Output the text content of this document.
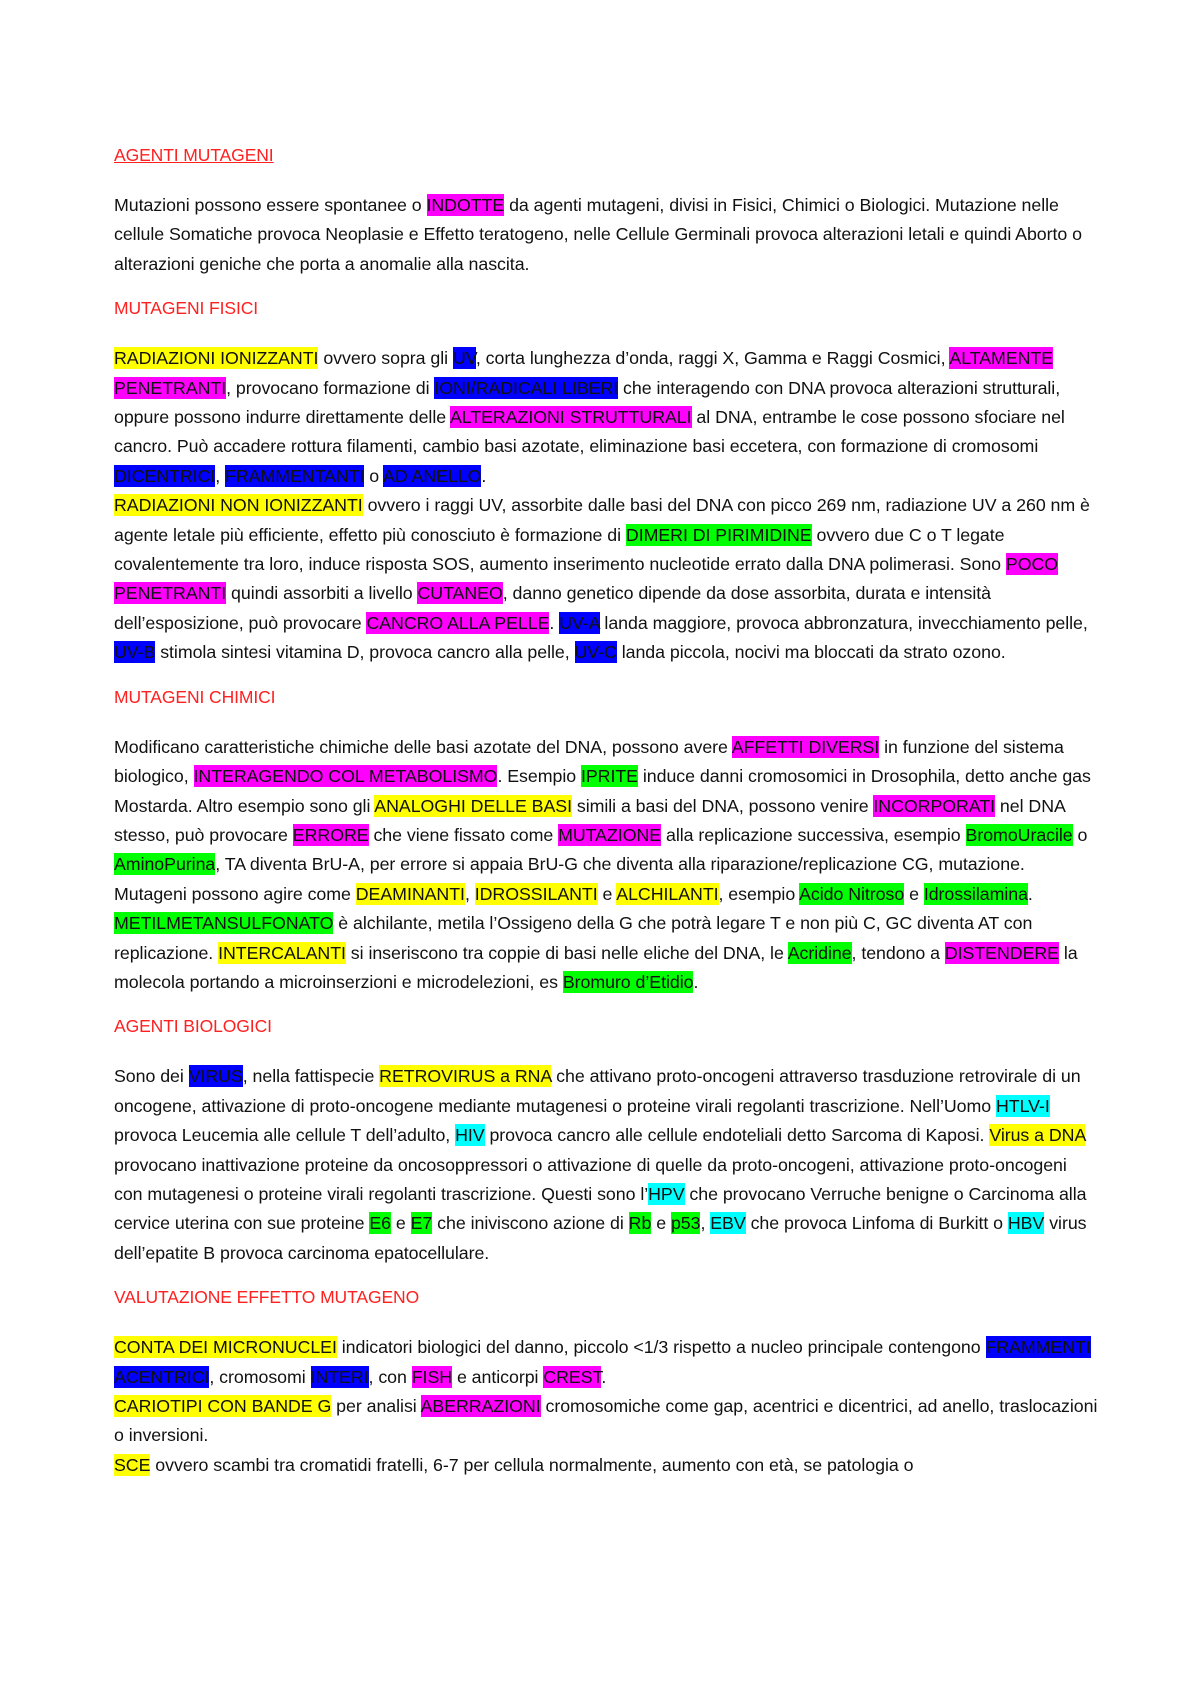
AGENTI MUTAGENI
Mutazioni possono essere spontanee o INDOTTE da agenti mutageni, divisi in Fisici, Chimici o Biologici. Mutazione nelle cellule Somatiche provoca Neoplasie e Effetto teratogeno, nelle Cellule Germinali provoca alterazioni letali e quindi Aborto o alterazioni geniche che porta a anomalie alla nascita.
MUTAGENI FISICI
RADIAZIONI IONIZZANTI ovvero sopra gli UV, corta lunghezza d’onda, raggi X, Gamma e Raggi Cosmici, ALTAMENTE PENETRANTI, provocano formazione di IONI/RADICALI LIBERI che interagendo con DNA provoca alterazioni strutturali, oppure possono indurre direttamente delle ALTERAZIONI STRUTTURALI al DNA, entrambe le cose possono sfociare nel cancro. Può accadere rottura filamenti, cambio basi azotate, eliminazione basi eccetera, con formazione di cromosomi DICENTRICI, FRAMMENTANTI o AD ANELLO.
RADIAZIONI NON IONIZZANTI ovvero i raggi UV, assorbite dalle basi del DNA con picco 269 nm, radiazione UV a 260 nm è agente letale più efficiente, effetto più conosciuto è formazione di DIMERI DI PIRIMIDINE ovvero due C o T legate covalentemente tra loro, induce risposta SOS, aumento inserimento nucleotide errato dalla DNA polimerasi. Sono POCO PENETRANTI quindi assorbiti a livello CUTANEO, danno genetico dipende da dose assorbita, durata e intensità dell’esposizione, può provocare CANCRO ALLA PELLE. UV-A landa maggiore, provoca abbronzatura, invecchiamento pelle, UV-B stimola sintesi vitamina D, provoca cancro alla pelle, UV-C landa piccola, nocivi ma bloccati da strato ozono.
MUTAGENI CHIMICI
Modificano caratteristiche chimiche delle basi azotate del DNA, possono avere AFFETTI DIVERSI in funzione del sistema biologico, INTERAGENDO COL METABOLISMO. Esempio IPRITE induce danni cromosomici in Drosophila, detto anche gas Mostarda. Altro esempio sono gli ANALOGHI DELLE BASI simili a basi del DNA, possono venire INCORPORATI nel DNA stesso, può provocare ERRORE che viene fissato come MUTAZIONE alla replicazione successiva, esempio BromoUracile o AminoPurina, TA diventa BrU-A, per errore si appaia BrU-G che diventa alla riparazione/replicazione CG, mutazione. Mutageni possono agire come DEAMINANTI, IDROSSILANTI e ALCHILANTI, esempio Acido Nitroso e Idrossilamina.
METILMETANSULFONATO è alchilante, metila l’Ossigeno della G che potrà legare T e non più C, GC diventa AT con replicazione. INTERCALANTI si inseriscono tra coppie di basi nelle eliche del DNA, le Acridine, tendono a DISTENDERE la molecola portando a microinserzioni e microdelezioni, es Bromuro d’Etidio.
AGENTI BIOLOGICI
Sono dei VIRUS, nella fattispecie RETROVIRUS a RNA che attivano proto-oncogeni attraverso trasduzione retrovirale di un oncogene, attivazione di proto-oncogene mediante mutagenesi o proteine virali regolanti trascrizione. Nell’Uomo HTLV-I provoca Leucemia alle cellule T dell’adulto, HIV provoca cancro alle cellule endoteliali detto Sarcoma di Kaposi. Virus a DNA provocano inattivazione proteine da oncosoppressori o attivazione di quelle da proto-oncogeni, attivazione proto-oncogeni con mutagenesi o proteine virali regolanti trascrizione. Questi sono l’HPV che provocano Verruche benigne o Carcinoma alla cervice uterina con sue proteine E6 e E7 che iniviscono azione di Rb e p53, EBV che provoca Linfoma di Burkitt o HBV virus dell’epatite B provoca carcinoma epatocellulare.
VALUTAZIONE EFFETTO MUTAGENO
CONTA DEI MICRONUCLEI indicatori biologici del danno, piccolo <1/3 rispetto a nucleo principale contengono FRAMMENTI ACENTRICI, cromosomi INTERI, con FISH e anticorpi CREST.
CARIOTIPI CON BANDE G per analisi ABERRAZIONI cromosomiche come gap, acentrici e dicentrici, ad anello, traslocazioni o inversioni.
SCE ovvero scambi tra cromatidi fratelli, 6-7 per cellula normalmente, aumento con età, se patologia o
